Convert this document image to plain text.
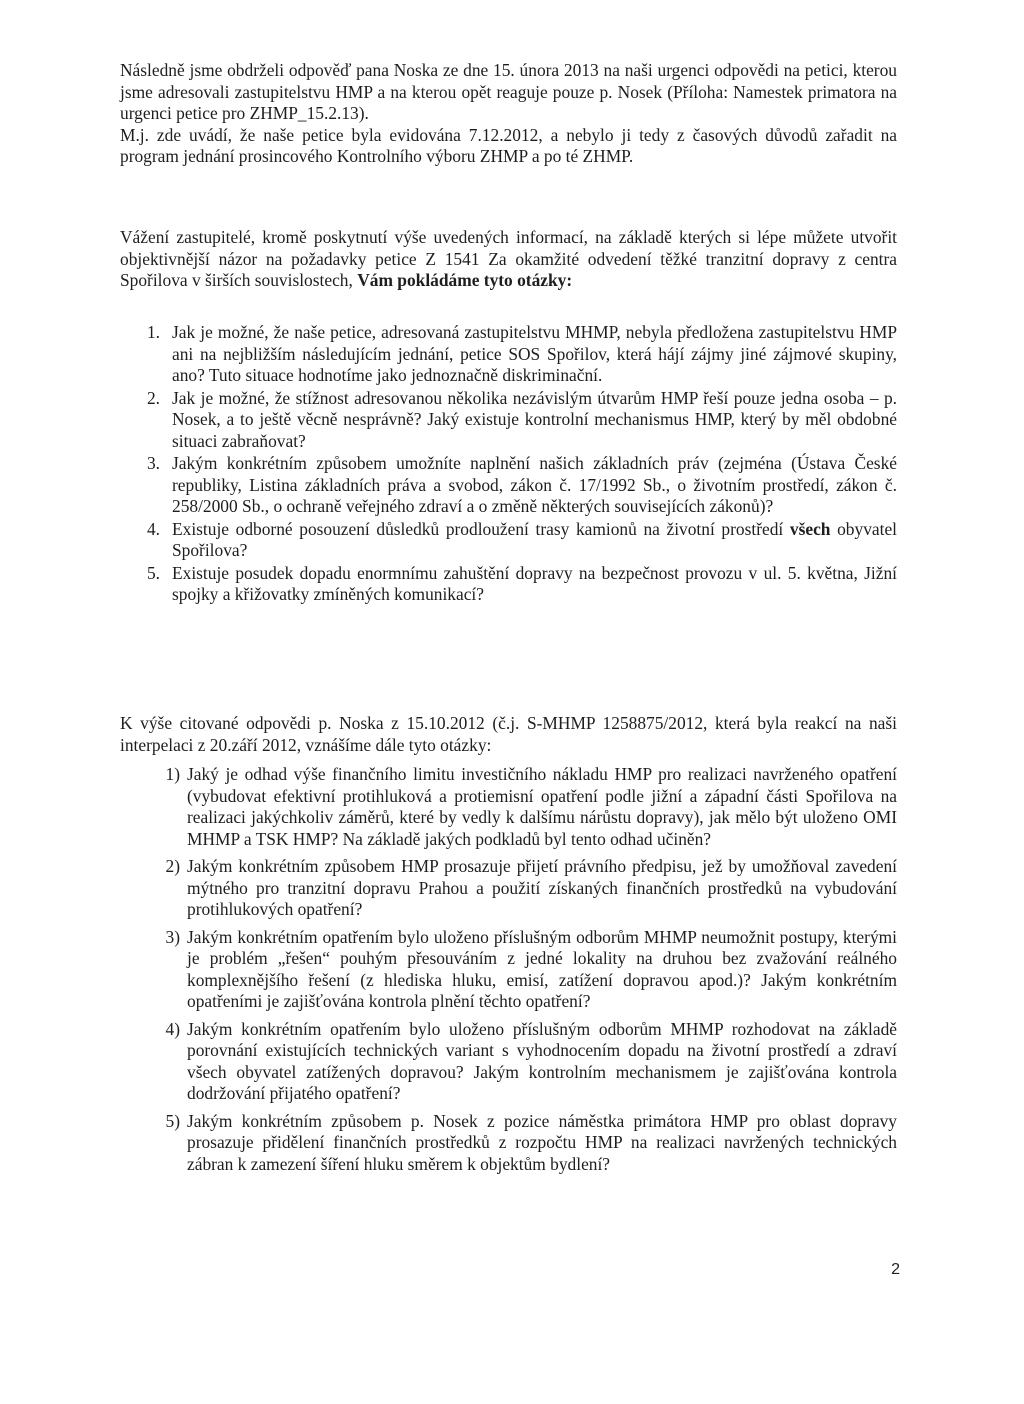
Následně jsme obdrželi odpověď pana Noska ze dne 15. února 2013 na naši urgenci odpovědi na petici, kterou jsme adresovali zastupitelstvu HMP a na kterou opět reaguje pouze p. Nosek (Příloha: Namestek primatora na urgenci petice pro ZHMP_15.2.13).
M.j. zde uvádí, že naše petice byla evidována 7.12.2012, a nebylo ji tedy z časových důvodů zařadit na program jednání prosincového Kontrolního výboru ZHMP a po té ZHMP.
Vážení zastupitelé, kromě poskytnutí výše uvedených informací, na základě kterých si lépe můžete utvořit objektivnější názor na požadavky petice Z 1541 Za okamžité odvedení těžké tranzitní dopravy z centra Spořilova v širších souvislostech, Vám pokládáme tyto otázky:
1. Jak je možné, že naše petice, adresovaná zastupitelstvu MHMP, nebyla předložena zastupitelstvu HMP ani na nejbližším následujícím jednání, petice SOS Spořilov, která hájí zájmy jiné zájmové skupiny, ano? Tuto situace hodnotíme jako jednoznačně diskriminační.
2. Jak je možné, že stížnost adresovanou několika nezávislým útvarům HMP řeší pouze jedna osoba – p. Nosek, a to ještě věcně nesprávně? Jaký existuje kontrolní mechanismus HMP, který by měl obdobné situaci zabraňovat?
3. Jakým konkrétním způsobem umožníte naplnění našich základních práv (zejména (Ústava České republiky, Listina základních práva a svobod, zákon č. 17/1992 Sb., o životním prostředí, zákon č. 258/2000 Sb., o ochraně veřejného zdraví a o změně některých souvisejících zákonů)?
4. Existuje odborné posouzení důsledků prodloužení trasy kamionů na životní prostředí všech obyvatel Spořilova?
5. Existuje posudek dopadu enormnímu zahuštění dopravy na bezpečnost provozu v ul. 5. května, Jižní spojky a křižovatky zmíněných komunikací?
K výše citované odpovědi p. Noska z 15.10.2012 (č.j. S-MHMP 1258875/2012, která byla reakcí na naši interpelaci z 20.září 2012, vznášíme dále tyto otázky:
1) Jaký je odhad výše finančního limitu investičního nákladu HMP pro realizaci navrženého opatření (vybudovat efektivní protihluková a protiemisní opatření podle jižní a západní části Spořilova na realizaci jakýchkoliv záměrů, které by vedly k dalšímu nárůstu dopravy), jak mělo být uloženo OMI MHMP a TSK HMP? Na základě jakých podkladů byl tento odhad učiněn?
2) Jakým konkrétním způsobem HMP prosazuje přijetí právního předpisu, jež by umožňoval zavedení mýtného pro tranzitní dopravu Prahou a použití získaných finančních prostředků na vybudování protihlukových opatření?
3) Jakým konkrétním opatřením bylo uloženo příslušným odborům MHMP neumožnit postupy, kterými je problém „řešen“ pouhým přesouváním z jedné lokality na druhou bez zvažování reálného komplexnějšího řešení (z hlediska hluku, emisí, zatížení dopravou apod.)? Jakým konkrétním opatřeními je zajišťována kontrola plnění těchto opatření?
4) Jakým konkrétním opatřením bylo uloženo příslušným odborům MHMP rozhodovat na základě porovnání existujících technických variant s vyhodnocením dopadu na životní prostředí a zdraví všech obyvatel zatížených dopravou? Jakým kontrolním mechanismem je zajišťována kontrola dodržování přijatého opatření?
5) Jakým konkrétním způsobem p. Nosek z pozice náměstka primátora HMP pro oblast dopravy prosazuje přidělení finančních prostředků z rozpočtu HMP na realizaci navržených technických zábran k zamezení šíření hluku směrem k objektům bydlení?
2
